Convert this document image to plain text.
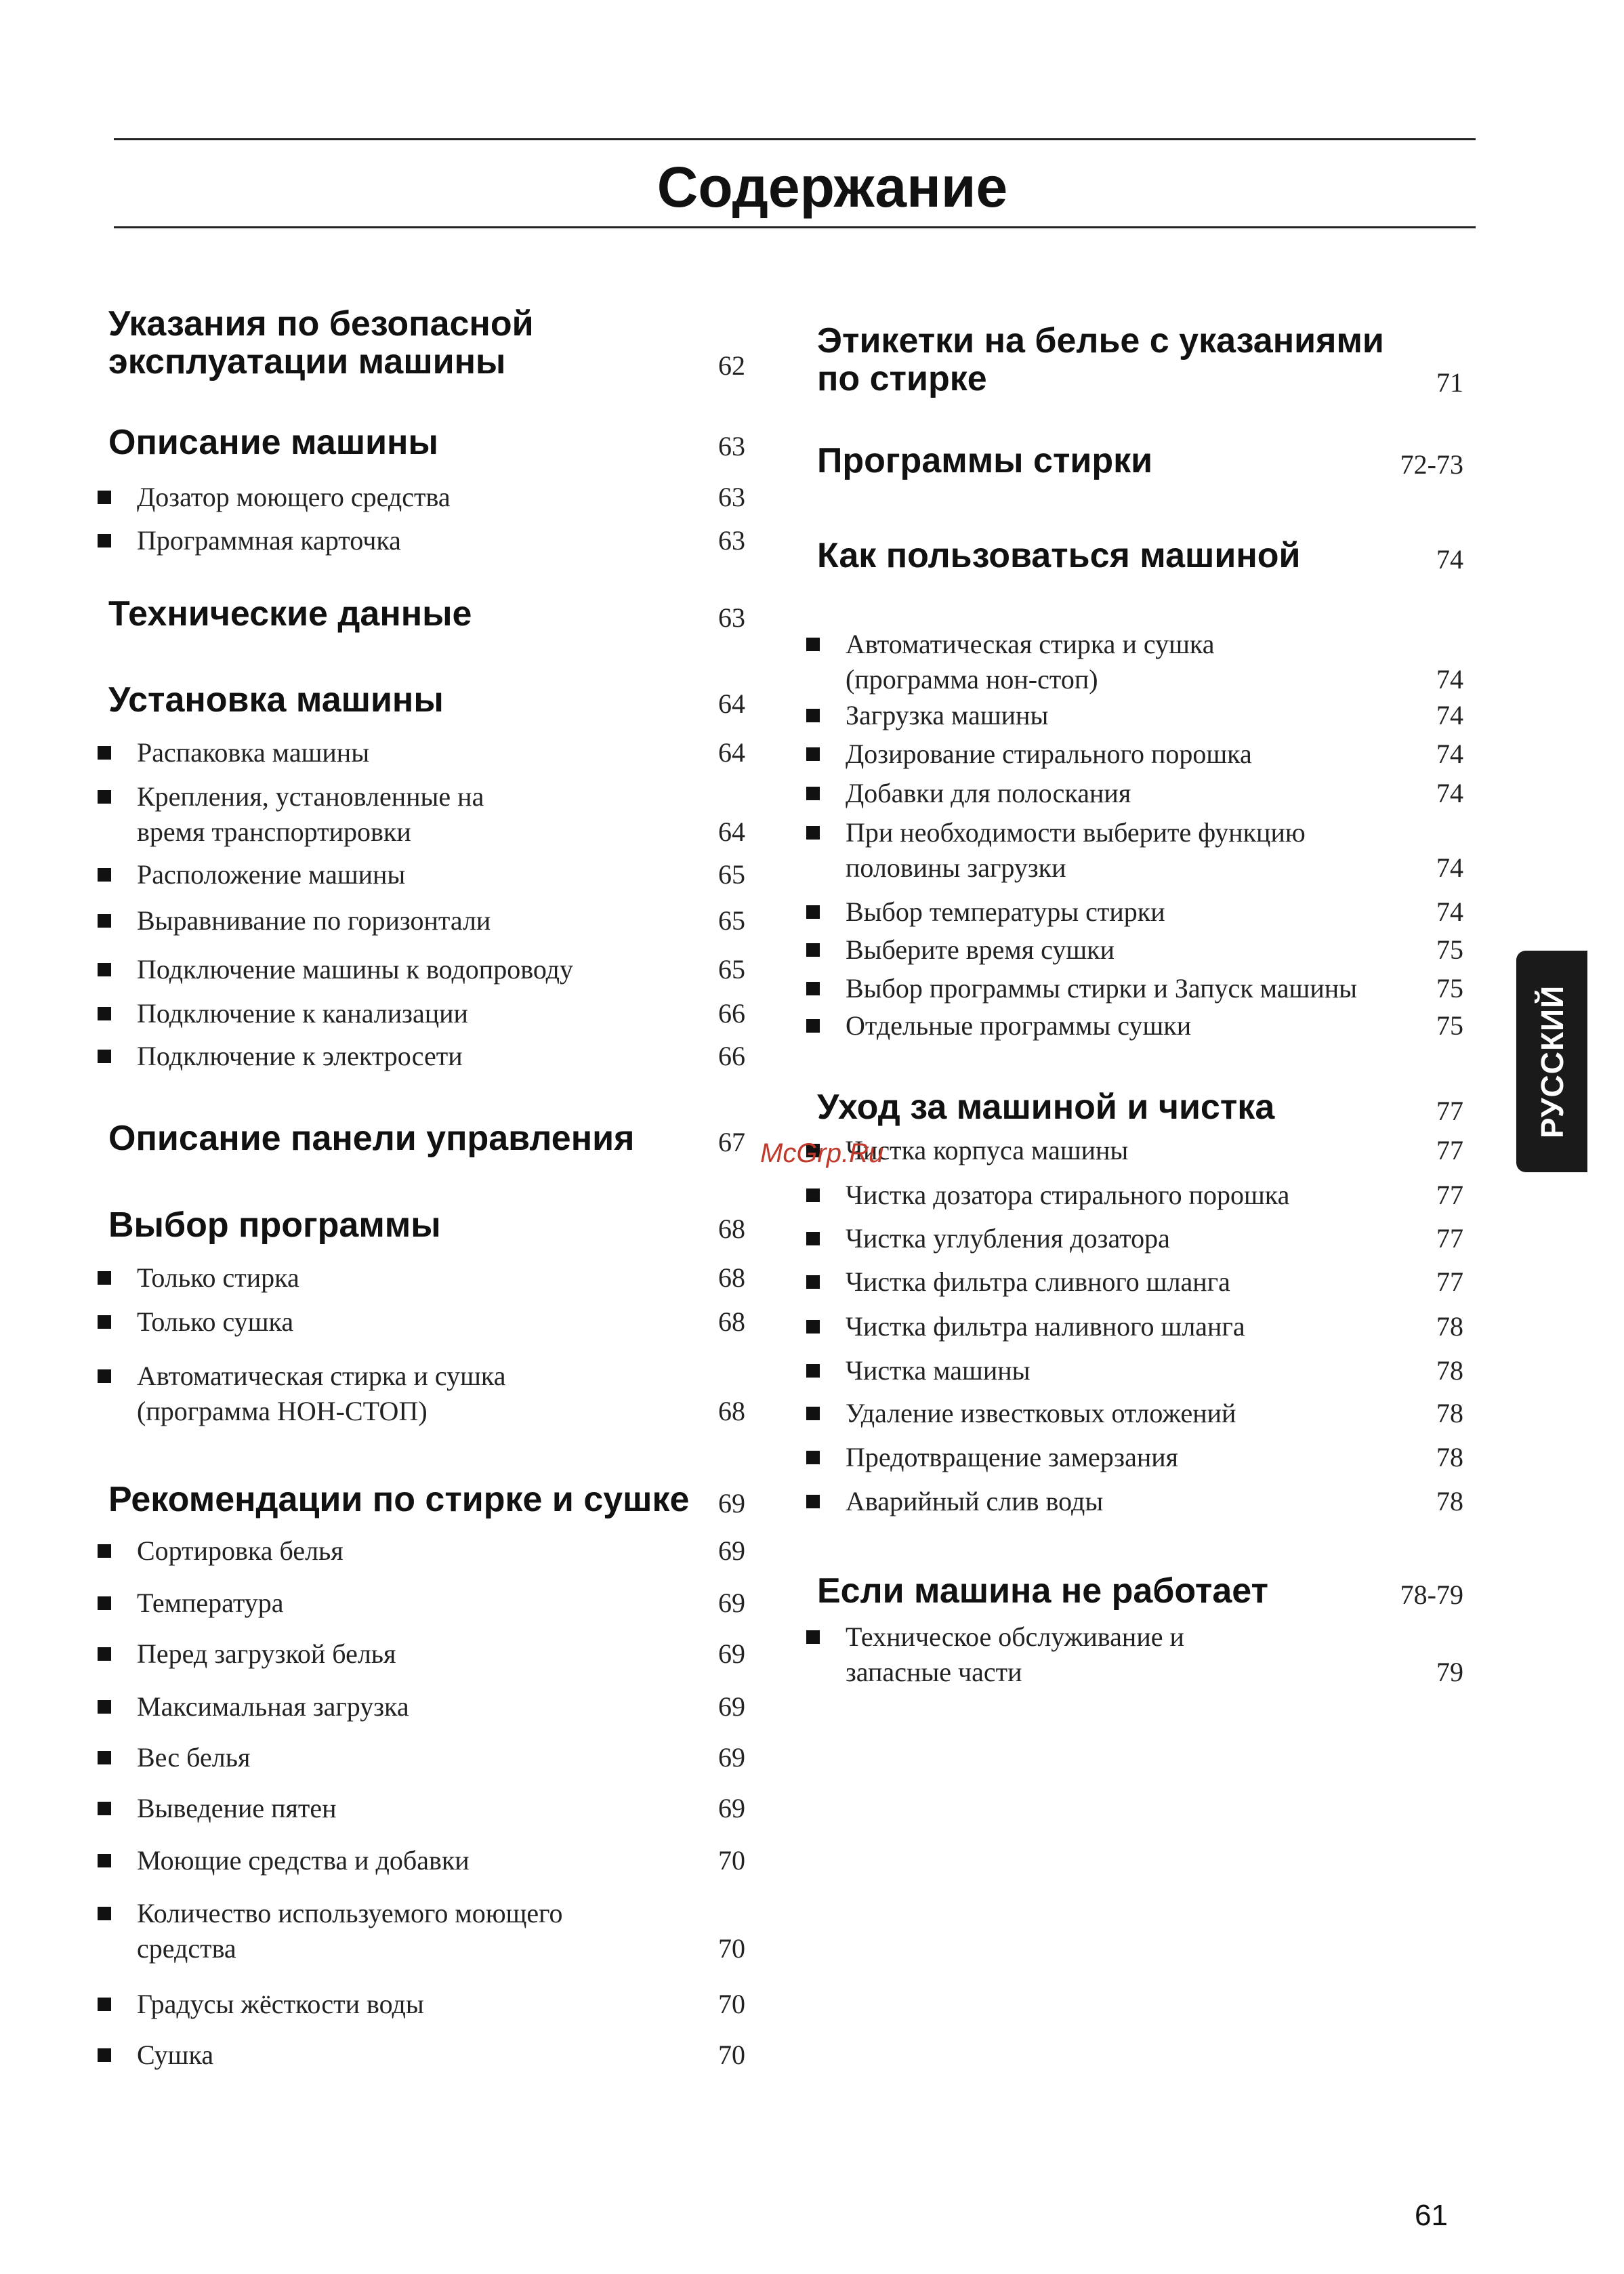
Содержание
Указания по безопасной
эксплуатации машины	62
Описание машины	63
Дозатор моющего средства	63
Программная карточка	63
Технические данные	63
Установка машины	64
Распаковка машины	64
Крепления, установленные на
время транспортировки	64
Расположение машины	65
Выравнивание по горизонтали	65
Подключение машины к водопроводу	65
Подключение к канализации	66
Подключение к электросети	66
Описание панели управления	67
Выбор программы	68
Только стирка	68
Только сушка	68
Автоматическая стирка и сушка
(программа НОН-СТОП)	68
Рекомендации по стирке и сушке	69
Сортировка белья	69
Температура	69
Перед загрузкой белья	69
Максимальная загрузка	69
Вес белья	69
Выведение пятен	69
Моющие средства и добавки	70
Количество используемого моющего
средства	70
Градусы жёсткости воды	70
Сушка	70
Этикетки на белье с указаниями
по стирке	71
Программы стирки	72-73
Как пользоваться машиной	74
Автоматическая стирка и сушка
(программа нон-стоп)	74
Загрузка машины	74
Дозирование стирального порошка	74
Добавки для полоскания	74
При необходимости выберите функцию
половины загрузки	74
Выбор температуры стирки	74
Выберите время сушки	75
Выбор программы стирки и Запуск машины	75
Отдельные программы сушки	75
Уход за машиной и чистка	77
Чистка корпуса машины	77
Чистка дозатора стирального порошка	77
Чистка углубления дозатора	77
Чистка фильтра сливного шланга	77
Чистка фильтра наливного шланга	78
Чистка машины	78
Удаление известковых отложений	78
Предотвращение замерзания	78
Аварийный слив воды	78
Если машина не работает	78-79
Техническое обслуживание и
запасные части	79
РУССКИЙ
McGrp.Ru
61
